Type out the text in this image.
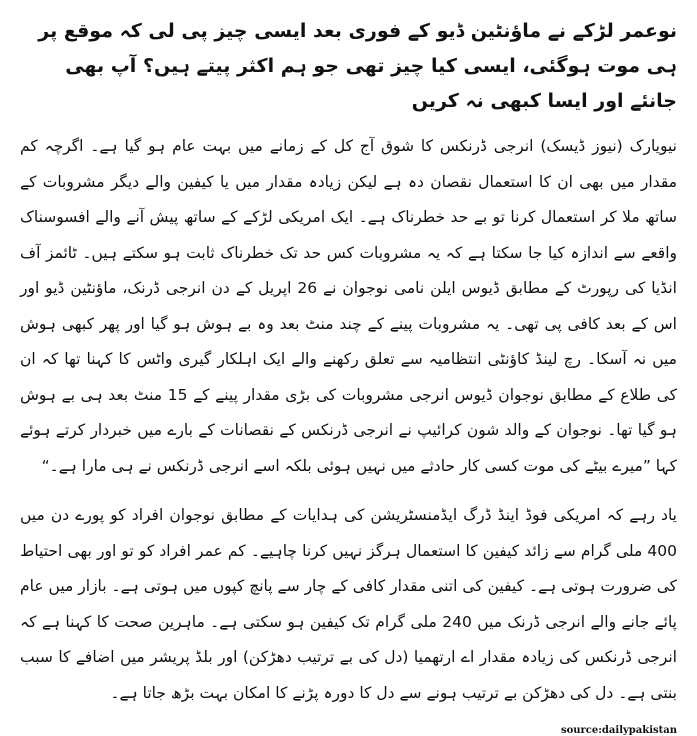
نوعمر لڑکے نے ماؤنٹین ڈیو کے فوری بعد ایسی چیز پی لی کہ موقع پر ہی موت ہوگئی، ایسی کیا چیز تھی جو ہم اکثر پیتے ہیں؟ آپ بھی جانئے اور ایسا کبھی نہ کریں

نیویارک (نیوز ڈیسک) انرجی ڈرنکس کا شوق آج کل کے زمانے میں بہت عام ہو گیا ہے۔ اگرچہ کم مقدار میں بھی ان کا استعمال نقصان دہ ہے لیکن زیادہ مقدار میں یا کیفین والے دیگر مشروبات کے ساتھ ملا کر استعمال کرنا تو بے حد خطرناک ہے۔ ایک امریکی لڑکے کے ساتھ پیش آنے والے افسوسناک واقعے سے اندازہ کیا جا سکتا ہے کہ یہ مشروبات کس حد تک خطرناک ثابت ہو سکتے ہیں۔ ٹائمز آف انڈیا کی رپورٹ کے مطابق ڈیوس ایلن نامی نوجوان نے 26 اپریل کے دن انرجی ڈرنک، ماؤنٹین ڈیو اور اس کے بعد کافی پی تھی۔ یہ مشروبات پینے کے چند منٹ بعد وہ بے ہوش ہو گیا اور پھر کبھی ہوش میں نہ آسکا۔ رچ لینڈ کاؤنٹی انتظامیہ سے تعلق رکھنے والے ایک اہلکار گیری واٹس کا کہنا تھا کہ ان کی طلاع کے مطابق نوجوان ڈیوس انرجی مشروبات کی بڑی مقدار پینے کے 15 منٹ بعد ہی بے ہوش ہو گیا تھا۔ نوجوان کے والد شون کرائیپ نے انرجی ڈرنکس کے نقصانات کے بارے میں خبردار کرتے ہوئے کہا ”میرے بیٹے کی موت کسی کار حادثے میں نہیں ہوئی بلکہ اسے انرجی ڈرنکس نے ہی مارا ہے۔“

یاد رہے کہ امریکی فوڈ اینڈ ڈرگ ایڈمنسٹریشن کی ہدایات کے مطابق نوجوان افراد کو پورے دن میں 400 ملی گرام سے زائد کیفین کا استعمال ہرگز نہیں کرنا چاہیے۔ کم عمر افراد کو تو اور بھی احتیاط کی ضرورت ہوتی ہے۔ کیفین کی اتنی مقدار کافی کے چار سے پانچ کپوں میں ہوتی ہے۔ بازار میں عام پائے جانے والے انرجی ڈرنک میں 240 ملی گرام تک کیفین ہو سکتی ہے۔ ماہرین صحت کا کہنا ہے کہ انرجی ڈرنکس کی زیادہ مقدار اے ارتھمیا (دل کی بے ترتیب دھڑکن) اور بلڈ پریشر میں اضافے کا سبب بنتی ہے۔ دل کی دھڑکن بے ترتیب ہونے سے دل کا دورہ پڑنے کا امکان بہت بڑھ جاتا ہے۔

source:dailypakistan
